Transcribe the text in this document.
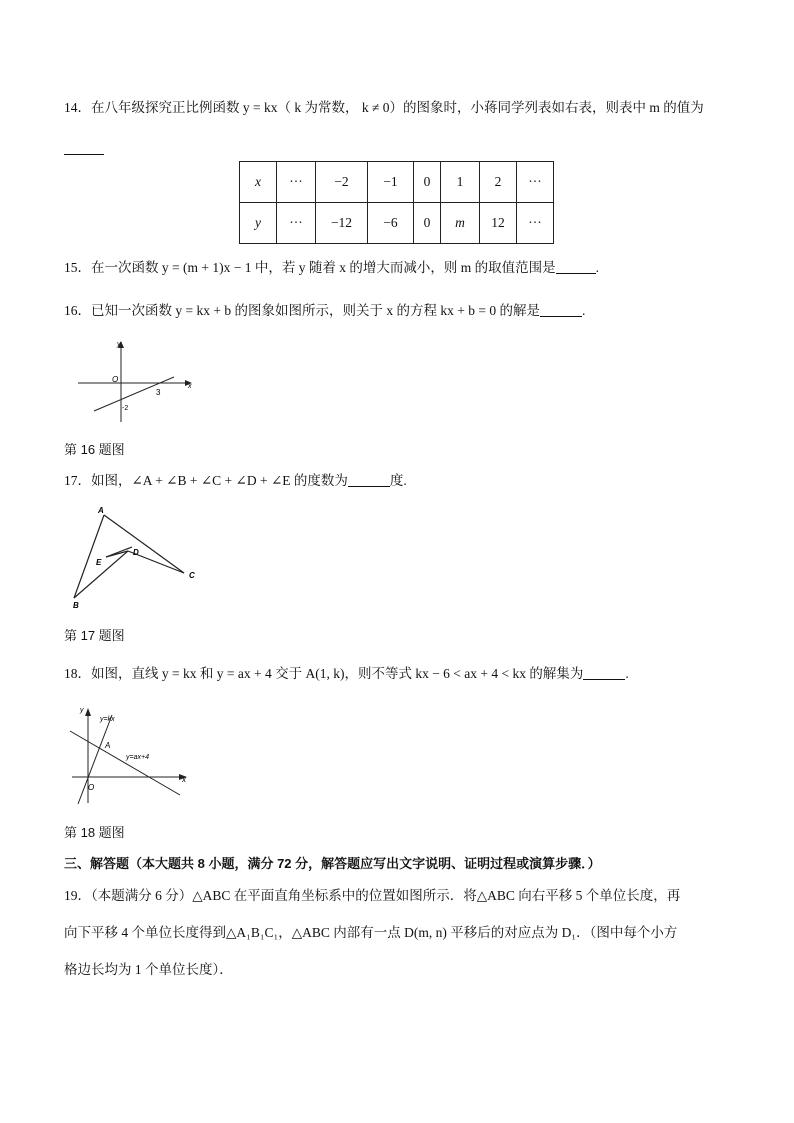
14．在八年级探究正比例函数 y = kx（ k 为常数， k ≠ 0）的图象时，小蒋同学列表如右表，则表中 m 的值为
x	···	−2	−1	0	1	2	···
y	···	−12	−6	0	m	12	···
15．在一次函数 y = (m + 1)x − 1 中，若 y 随着 x 的增大而减小，则 m 的取值范围是	.
16．已知一次函数 y = kx + b 的图象如图所示，则关于 x 的方程 kx + b = 0 的解是	.
y
x
O
3
-2
第 16 题图
17．如图，∠A + ∠B + ∠C + ∠D + ∠E 的度数为	度.
A
B
C
D
E
第 17 题图
18．如图，直线 y = kx 和 y = ax + 4 交于 A(1, k)，则不等式 kx − 6 < ax + 4 < kx 的解集为	.
y
x
O
A
y=kx
y=ax+4
第 18 题图
三、解答题（本大题共 8 小题，满分 72 分，解答题应写出文字说明、证明过程或演算步骤．）
19．（本题满分 6 分）△ABC 在平面直角坐标系中的位置如图所示．将△ABC 向右平移 5 个单位长度，再
向下平移 4 个单位长度得到△A₁B₁C₁，△ABC 内部有一点 D(m, n) 平移后的对应点为 D₁．（图中每个小方
格边长均为 1 个单位长度）．
